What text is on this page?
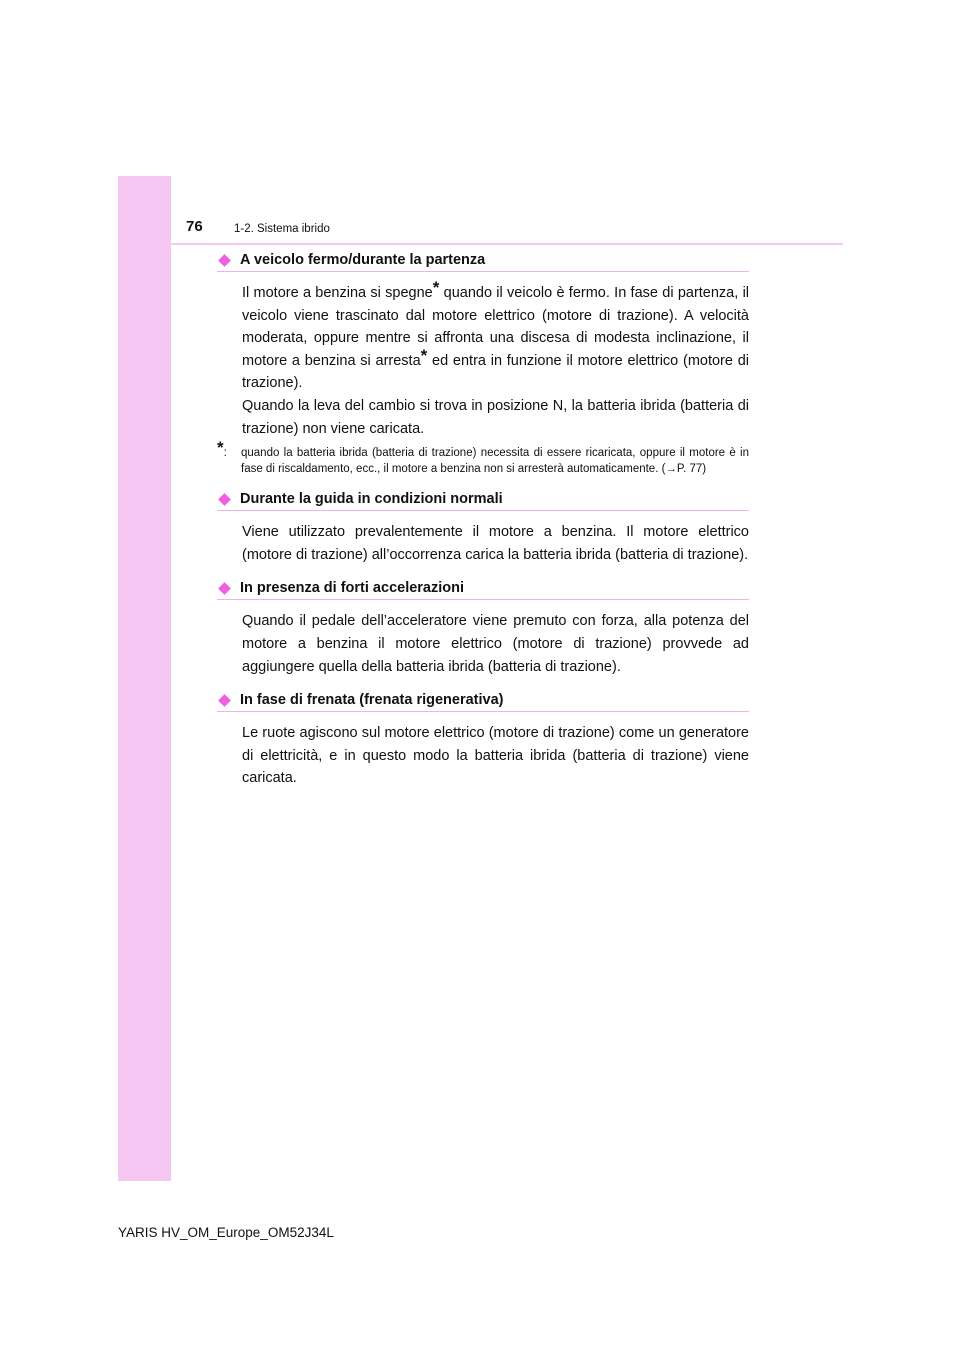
76	1-2. Sistema ibrido
A veicolo fermo/durante la partenza

Il motore a benzina si spegne* quando il veicolo è fermo. In fase di partenza, il veicolo viene trascinato dal motore elettrico (motore di trazione). A velocità moderata, oppure mentre si affronta una discesa di modesta inclinazione, il motore a benzina si arresta* ed entra in funzione il motore elettrico (motore di trazione).

Quando la leva del cambio si trova in posizione N, la batteria ibrida (batteria di trazione) non viene caricata.

*:	quando la batteria ibrida (batteria di trazione) necessita di essere ricaricata, oppure il motore è in fase di riscaldamento, ecc., il motore a benzina non si arresterà automaticamente. (→P. 77)
Durante la guida in condizioni normali

Viene utilizzato prevalentemente il motore a benzina. Il motore elettrico (motore di trazione) all’occorrenza carica la batteria ibrida (batteria di trazione).

In presenza di forti accelerazioni

Quando il pedale dell’acceleratore viene premuto con forza, alla potenza del motore a benzina il motore elettrico (motore di trazione) provvede ad aggiungere quella della batteria ibrida (batteria di trazione).

In fase di frenata (frenata rigenerativa)

Le ruote agiscono sul motore elettrico (motore di trazione) come un generatore di elettricità, e in questo modo la batteria ibrida (batteria di trazione) viene caricata.

YARIS HV_OM_Europe_OM52J34L
